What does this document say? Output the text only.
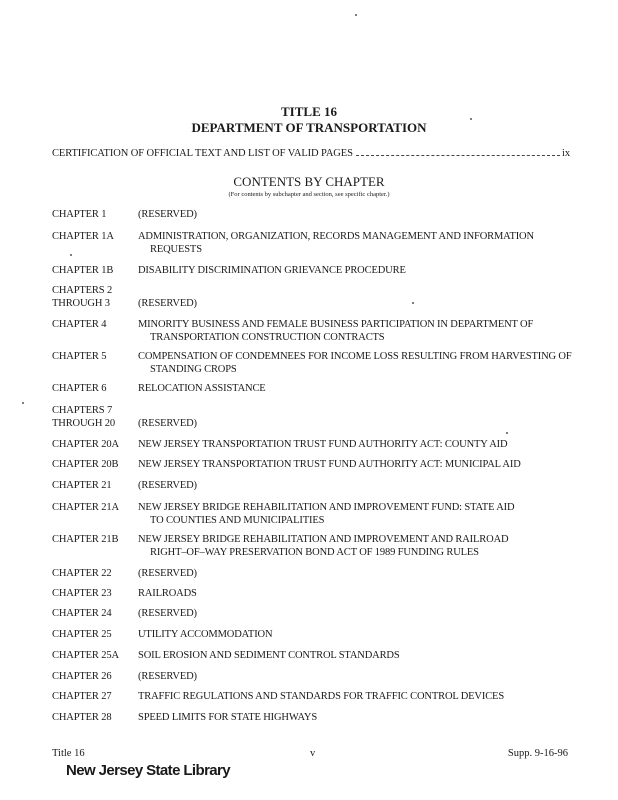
TITLE 16
DEPARTMENT OF TRANSPORTATION
CERTIFICATION OF OFFICIAL TEXT AND LIST OF VALID PAGES	ix
CONTENTS BY CHAPTER
(For contents by subchapter and section, see specific chapter.)
CHAPTER 1	(RESERVED)
CHAPTER 1A	ADMINISTRATION, ORGANIZATION, RECORDS MANAGEMENT AND INFORMATION
REQUESTS
CHAPTER 1B	DISABILITY DISCRIMINATION GRIEVANCE PROCEDURE
CHAPTERS 2
THROUGH 3	(RESERVED)
CHAPTER 4	MINORITY BUSINESS AND FEMALE BUSINESS PARTICIPATION IN DEPARTMENT OF
TRANSPORTATION CONSTRUCTION CONTRACTS
CHAPTER 5	COMPENSATION OF CONDEMNEES FOR INCOME LOSS RESULTING FROM HARVESTING OF
STANDING CROPS
CHAPTER 6	RELOCATION ASSISTANCE
CHAPTERS 7
THROUGH 20	(RESERVED)
CHAPTER 20A	NEW JERSEY TRANSPORTATION TRUST FUND AUTHORITY ACT: COUNTY AID
CHAPTER 20B	NEW JERSEY TRANSPORTATION TRUST FUND AUTHORITY ACT: MUNICIPAL AID
CHAPTER 21	(RESERVED)
CHAPTER 21A	NEW JERSEY BRIDGE REHABILITATION AND IMPROVEMENT FUND: STATE AID
TO COUNTIES AND MUNICIPALITIES
CHAPTER 21B	NEW JERSEY BRIDGE REHABILITATION AND IMPROVEMENT AND RAILROAD
RIGHT–OF–WAY PRESERVATION BOND ACT OF 1989 FUNDING RULES
CHAPTER 22	(RESERVED)
CHAPTER 23	RAILROADS
CHAPTER 24	(RESERVED)
CHAPTER 25	UTILITY ACCOMMODATION
CHAPTER 25A	SOIL EROSION AND SEDIMENT CONTROL STANDARDS
CHAPTER 26	(RESERVED)
CHAPTER 27	TRAFFIC REGULATIONS AND STANDARDS FOR TRAFFIC CONTROL DEVICES
CHAPTER 28	SPEED LIMITS FOR STATE HIGHWAYS
Title 16	v	Supp. 9-16-96
New Jersey State Library
